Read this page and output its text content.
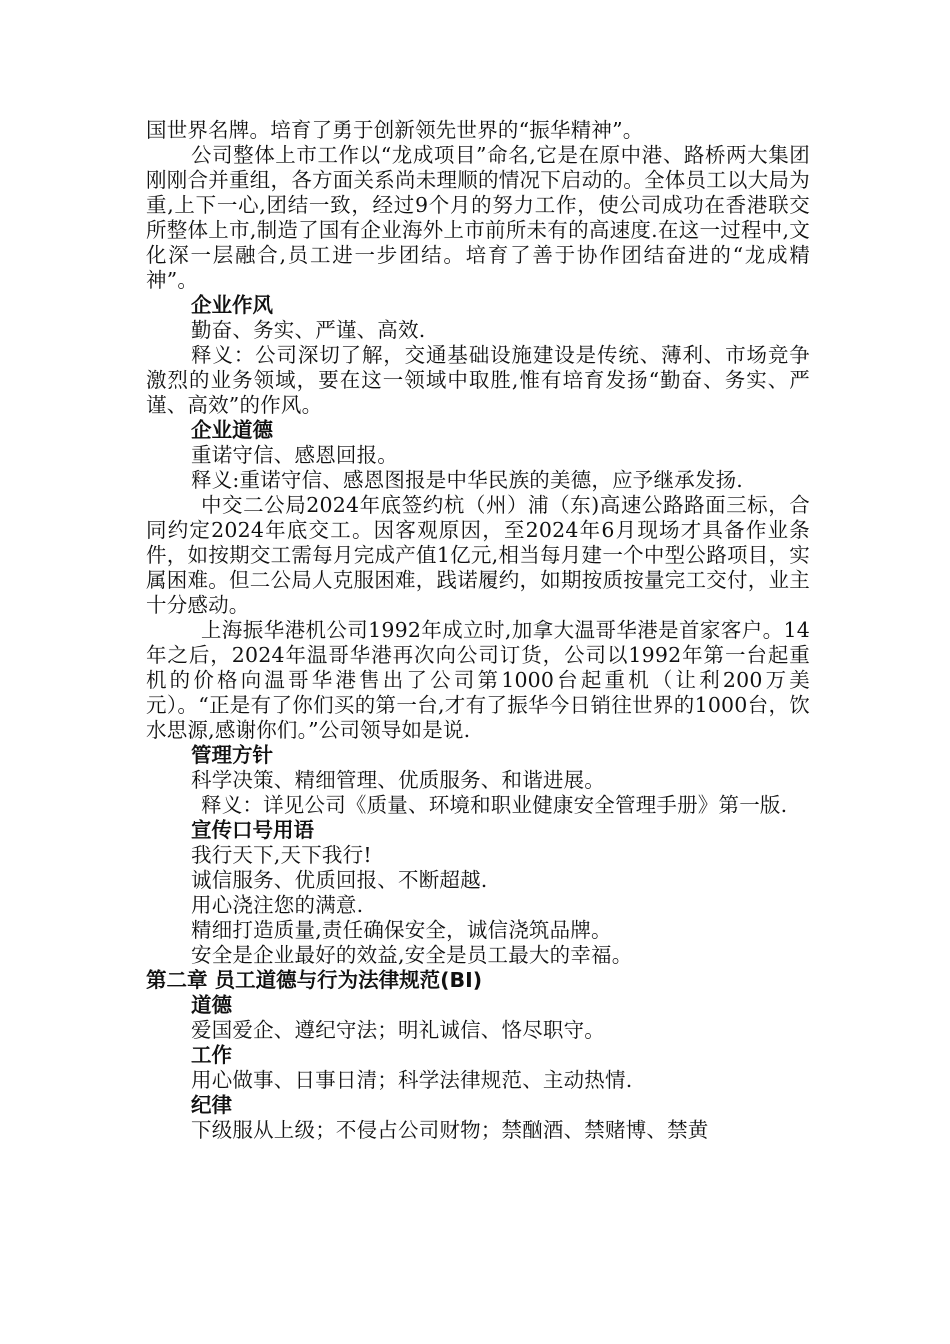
国世界名牌。培育了勇于创新领先世界的“振华精神”。

公司整体上市工作以“龙成项目”命名,它是在原中港、路桥两大集团刚刚合并重组，各方面关系尚未理顺的情况下启动的。全体员工以大局为重,上下一心,团结一致，经过9个月的努力工作，使公司成功在香港联交所整体上市,制造了国有企业海外上市前所未有的高速度.在这一过程中,文化深一层融合,员工进一步团结。培育了善于协作团结奋进的“龙成精神”。

企业作风

勤奋、务实、严谨、高效.

释义：公司深切了解，交通基础设施建设是传统、薄利、市场竞争激烈的业务领域，要在这一领域中取胜,惟有培育发扬“勤奋、务实、严谨、高效”的作风。

企业道德

重诺守信、感恩回报。

释义:重诺守信、感恩图报是中华民族的美德，应予继承发扬.

中交二公局2024年底签约杭（州）浦（东)高速公路路面三标，合同约定2024年底交工。因客观原因，至2024年6月现场才具备作业条件，如按期交工需每月完成产值1亿元,相当每月建一个中型公路项目，实属困难。但二公局人克服困难，践诺履约，如期按质按量完工交付，业主十分感动。

上海振华港机公司1992年成立时,加拿大温哥华港是首家客户。14年之后，2024年温哥华港再次向公司订货，公司以1992年第一台起重机的价格向温哥华港售出了公司第1000台起重机（让利200万美元）。“正是有了你们买的第一台,才有了振华今日销往世界的1000台，饮水思源,感谢你们。”公司领导如是说.

管理方针

科学决策、精细管理、优质服务、和谐进展。

释义：详见公司《质量、环境和职业健康安全管理手册》第一版.

宣传口号用语

我行天下,天下我行!

诚信服务、优质回报、不断超越.

用心浇注您的满意.

精细打造质量,责任确保安全，诚信浇筑品牌。

安全是企业最好的效益,安全是员工最大的幸福。

第二章 员工道德与行为法律规范(BI)

道德

爱国爱企、遵纪守法；明礼诚信、恪尽职守。

工作

用心做事、日事日清；科学法律规范、主动热情.

纪律

下级服从上级；不侵占公司财物；禁酗酒、禁赌博、禁黄
